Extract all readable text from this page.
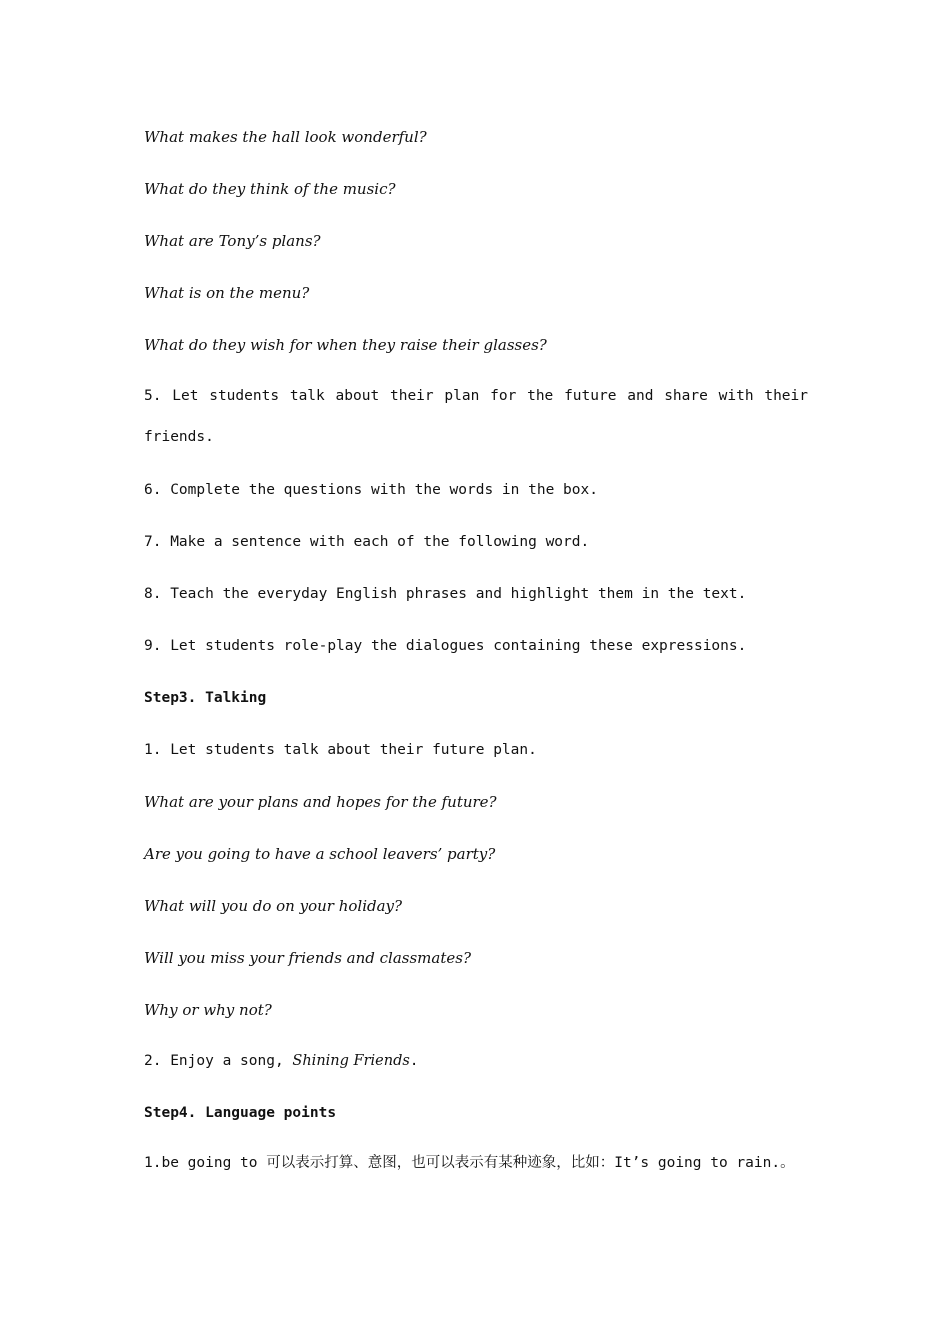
What makes the hall look wonderful?

What do they think of the music?

What are Tony’s plans?

What is on the menu?

What do they wish for when they raise their glasses?

5. Let students talk about their plan for the future and share with their friends.

6. Complete the questions with the words in the box.

7. Make a sentence with each of the following word.

8. Teach the everyday English phrases and highlight them in the text.

9. Let students role-play the dialogues containing these expressions.

Step3. Talking

1. Let students talk about their future plan.

What are your plans and hopes for the future?

Are you going to have a school leavers’ party?

What will you do on your holiday?

Will you miss your friends and classmates?

Why or why not?

2. Enjoy a song, Shining Friends.

Step4. Language points

1.be going to 可以表示打算、意图，也可以表示有某种迹象，比如：It’s going to rain.。
